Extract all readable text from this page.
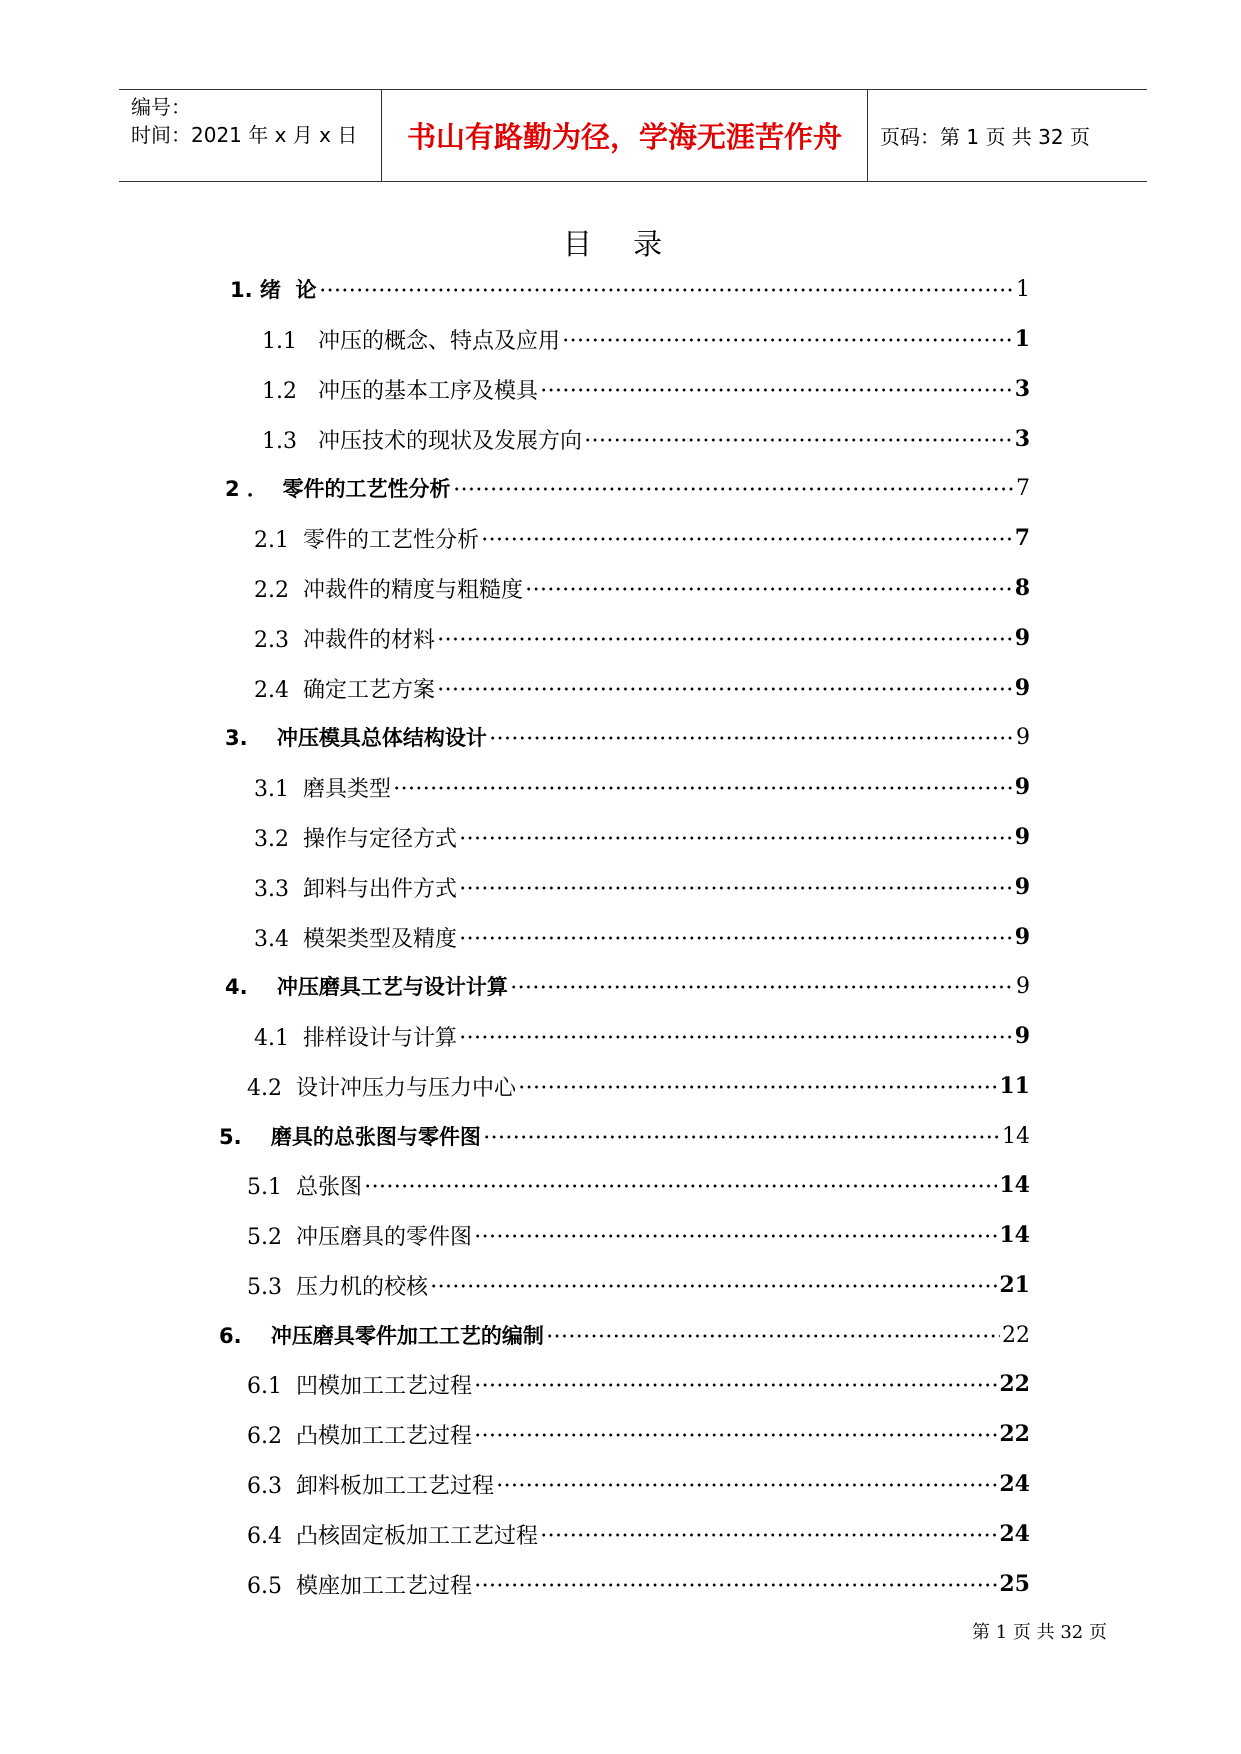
编号：
时间：2021 年 x 月 x 日	书山有路勤为径，学海无涯苦作舟 页码：第 1 页 共 32 页
目 录
1. 绪  论	1
1.1   冲压的概念、特点及应用	1
1.2   冲压的基本工序及模具	3
1.3   冲压技术的现状及发展方向	3
2 ．  零件的工艺性分析	7
2.1  零件的工艺性分析	7
2.2  冲裁件的精度与粗糙度	8
2.3  冲裁件的材料	9
2.4  确定工艺方案	9
3.    冲压模具总体结构设计	9
3.1  磨具类型	9
3.2  操作与定径方式	9
3.3  卸料与出件方式	9
3.4  模架类型及精度	9
4.    冲压磨具工艺与设计计算	9
4.1  排样设计与计算	9
4.2  设计冲压力与压力中心	11
5.    磨具的总张图与零件图	14
5.1  总张图	14
5.2  冲压磨具的零件图	14
5.3  压力机的校核	21
6.    冲压磨具零件加工工艺的编制	22
6.1  凹模加工工艺过程	22
6.2  凸模加工工艺过程	22
6.3  卸料板加工工艺过程	24
6.4  凸核固定板加工工艺过程	24
6.5  模座加工工艺过程	25
第 1 页 共 32 页
